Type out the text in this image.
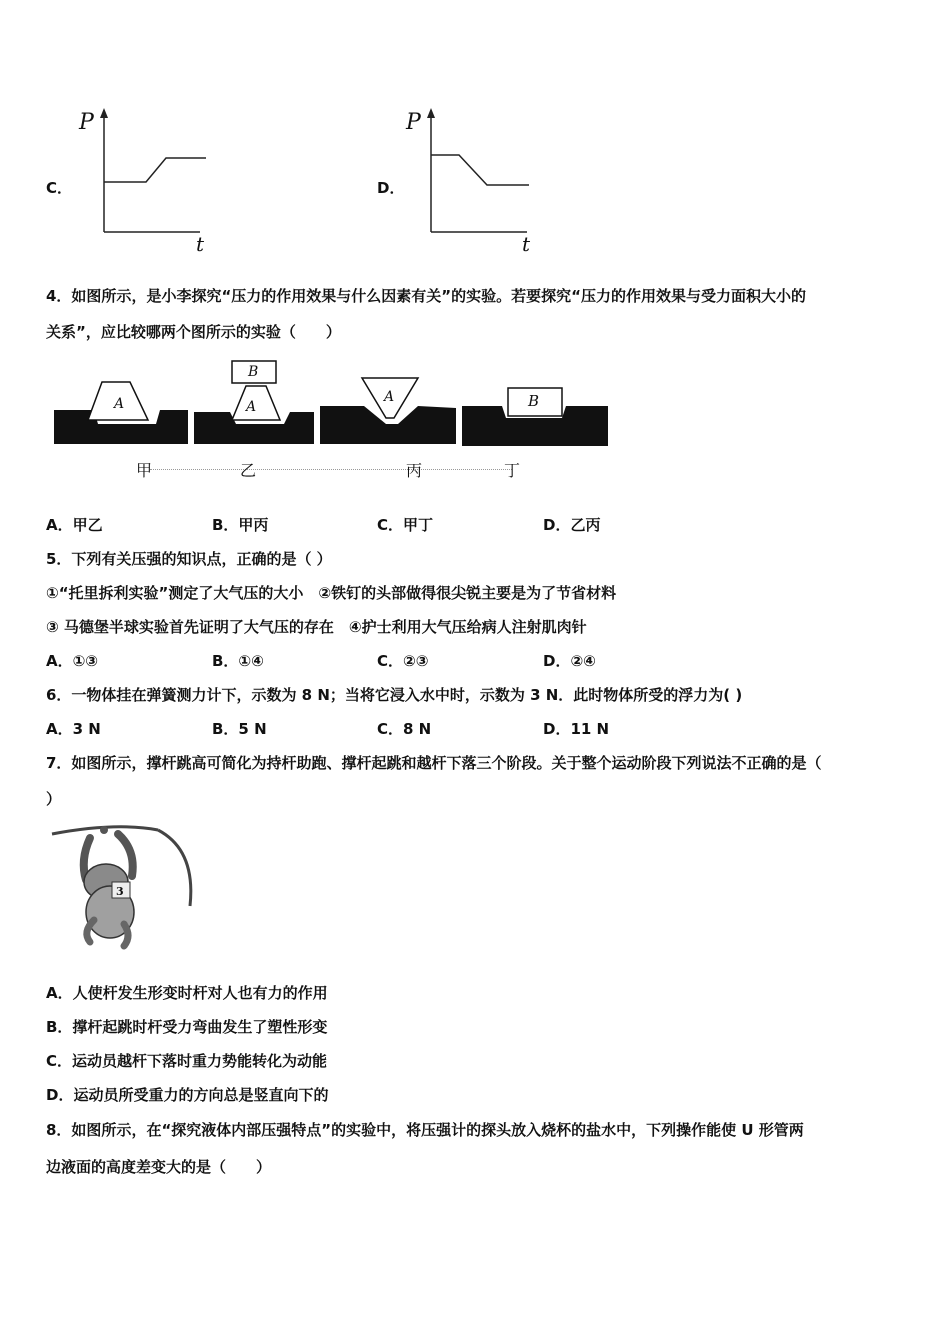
C．
P
t
D．
P
t
4．如图所示，是小李探究“压力的作用效果与什么因素有关”的实验。若要探究“压力的作用效果与受力面积大小的
关系”，应比较哪两个图所示的实验（　　）
A
B
A
A	B
甲	乙	丙	丁
A．甲乙	B．甲丙	C．甲丁	D．乙丙
5．下列有关压强的知识点，正确的是（ ）
①“托里拆利实验”测定了大气压的大小　②铁钉的头部做得很尖锐主要是为了节省材料
③ 马德堡半球实验首先证明了大气压的存在　④护士利用大气压给病人注射肌肉针
A．①③	B．①④	C．②③	D．②④
6．一物体挂在弹簧测力计下，示数为 8 N；当将它浸入水中时，示数为 3 N．此时物体所受的浮力为( )
A．3 N	B．5 N	C．8 N	D．11 N
7．如图所示，撑杆跳高可简化为持杆助跑、撑杆起跳和越杆下落三个阶段。关于整个运动阶段下列说法不正确的是（
）
3
A．人使杆发生形变时杆对人也有力的作用
B．撑杆起跳时杆受力弯曲发生了塑性形变
C．运动员越杆下落时重力势能转化为动能
D．运动员所受重力的方向总是竖直向下的
8．如图所示，在“探究液体内部压强特点”的实验中，将压强计的探头放入烧杯的盐水中，下列操作能使 U 形管两
边液面的高度差变大的是（　　）
